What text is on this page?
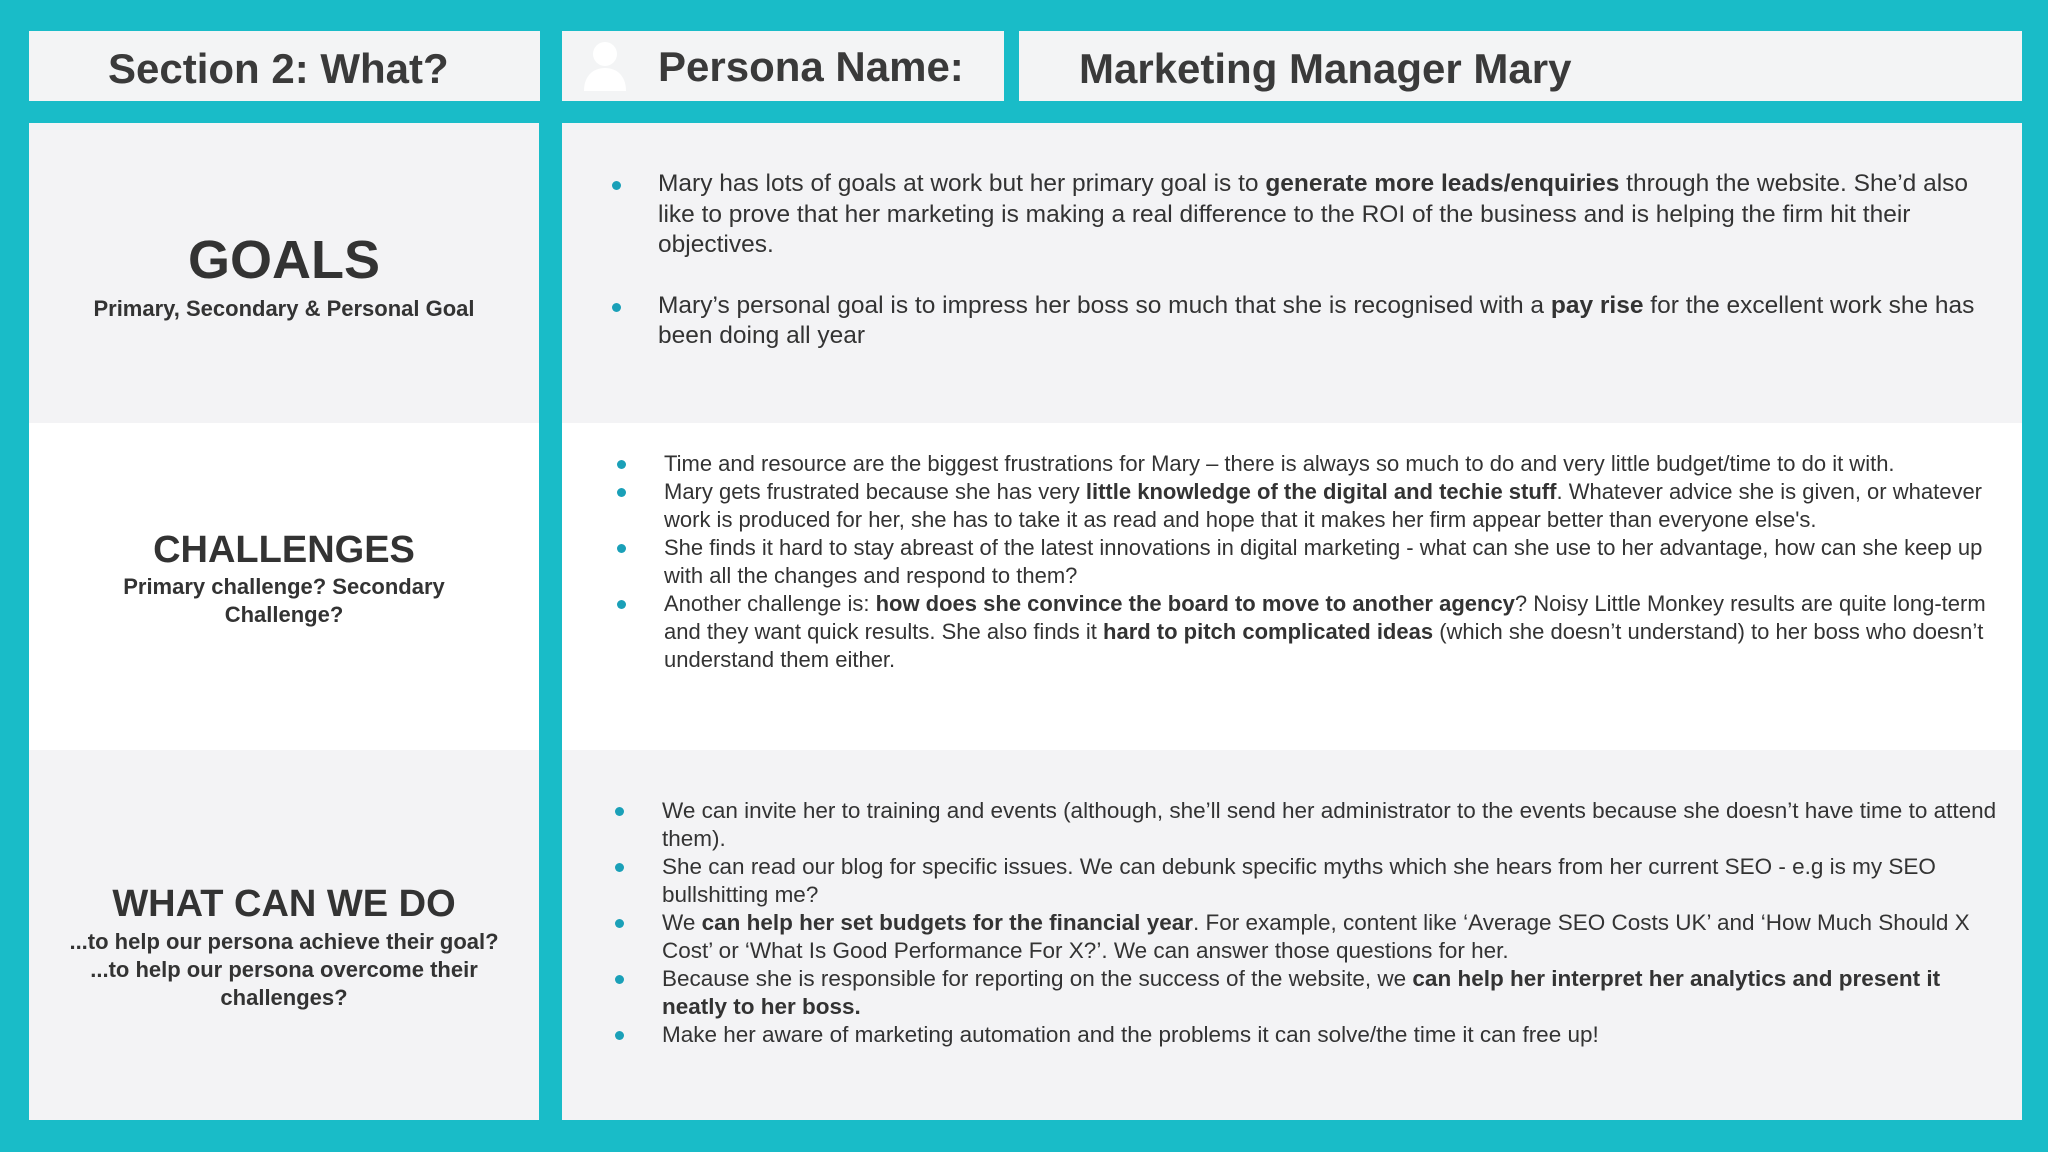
Section 2: What?	Persona Name:	Marketing Manager Mary
GOALS
Primary, Secondary & Personal Goal
CHALLENGES
Primary challenge? Secondary
Challenge?
WHAT CAN WE DO
...to help our persona achieve their goal?
...to help our persona overcome their
challenges?
Mary has lots of goals at work but her primary goal is to generate more leads/enquiries through the website. She’d also like to prove that her marketing is making a real difference to the ROI of the business and is helping the firm hit their objectives.
Mary’s personal goal is to impress her boss so much that she is recognised with a pay rise for the excellent work she has been doing all year
Time and resource are the biggest frustrations for Mary – there is always so much to do and very little budget/time to do it with.
Mary gets frustrated because she has very little knowledge of the digital and techie stuff. Whatever advice she is given, or whatever work is produced for her, she has to take it as read and hope that it makes her firm appear better than everyone else's.
She finds it hard to stay abreast of the latest innovations in digital marketing - what can she use to her advantage, how can she keep up with all the changes and respond to them?
Another challenge is: how does she convince the board to move to another agency? Noisy Little Monkey results are quite long-term and they want quick results. She also finds it hard to pitch complicated ideas (which she doesn’t understand) to her boss who doesn’t understand them either.
We can invite her to training and events (although, she’ll send her administrator to the events because she doesn’t have time to attend them).
She can read our blog for specific issues. We can debunk specific myths which she hears from her current SEO - e.g is my SEO bullshitting me?
We can help her set budgets for the financial year. For example, content like ‘Average SEO Costs UK’ and ‘How Much Should X Cost’ or ‘What Is Good Performance For X?’. We can answer those questions for her.
Because she is responsible for reporting on the success of the website, we can help her interpret her analytics and present it neatly to her boss.
Make her aware of marketing automation and the problems it can solve/the time it can free up!
